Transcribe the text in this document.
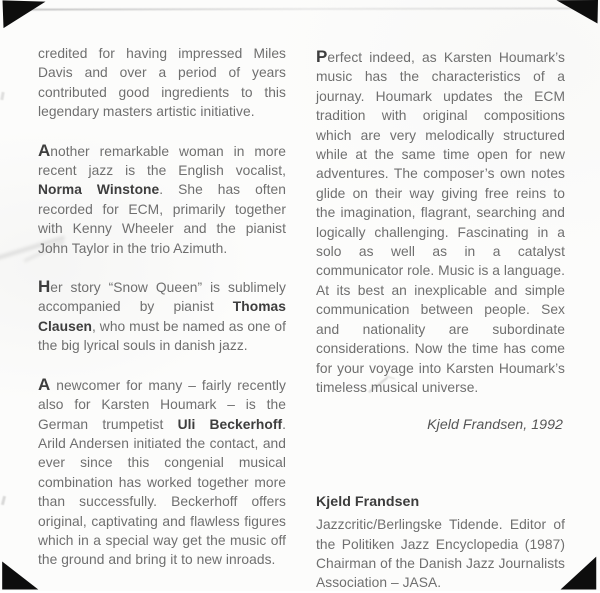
credited for having impressed Miles Davis and over a period of years contributed good ingredients to this legendary masters artistic initiative.

Another remarkable woman in more recent jazz is the English vocalist, Norma Winstone. She has often recorded for ECM, primarily together with Kenny Wheeler and the pianist John Taylor in the trio Azimuth.

Her story “Snow Queen” is sublimely accompanied by pianist Thomas Clausen, who must be named as one of the big lyrical souls in danish jazz.

A newcomer for many – fairly recently also for Karsten Houmark – is the German trumpetist Uli Beckerhoff. Arild Andersen initiated the contact, and ever since this congenial musical combination has worked together more than successfully. Beckerhoff offers original, captivating and flawless figures which in a special way get the music off the ground and bring it to new inroads.

Perfect indeed, as Karsten Houmark’s music has the characteristics of a journay. Houmark updates the ECM tradition with original compositions which are very melodically structured while at the same time open for new adventures. The composer’s own notes glide on their way giving free reins to the imagination, flagrant, searching and logically challenging. Fascinating in a solo as well as in a catalyst communicator role. Music is a language. At its best an inexplicable and simple communication between people. Sex and nationality are subordinate considerations. Now the time has come for your voyage into Karsten Houmark’s timeless musical universe.

Kjeld Frandsen, 1992
Kjeld Frandsen
Jazzcritic/Berlingske Tidende. Editor of the Politiken Jazz Encyclopedia (1987) Chairman of the Danish Jazz Journalists Association – JASA.
